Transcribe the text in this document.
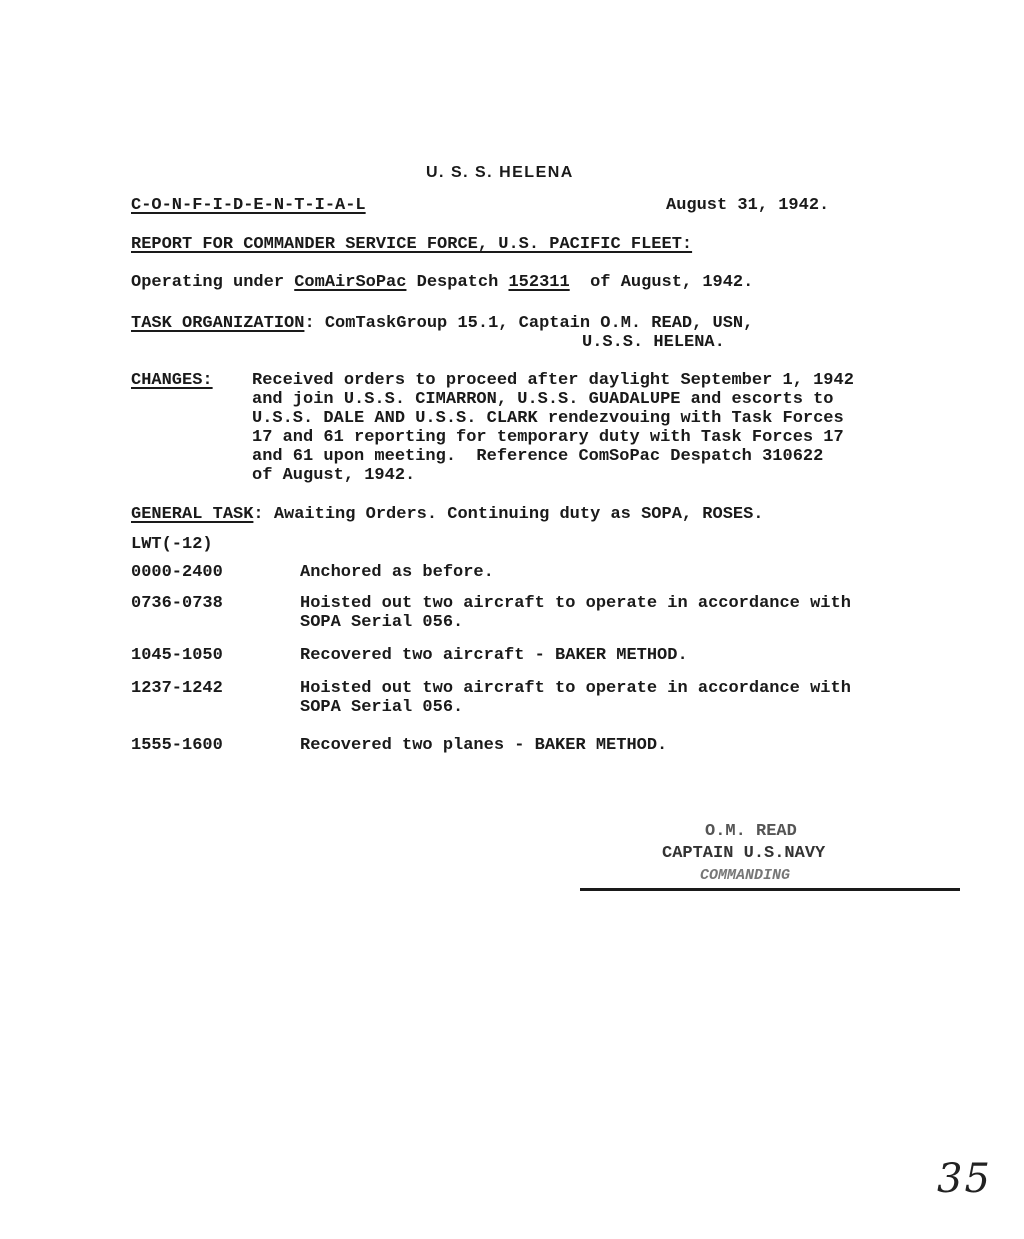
U. S. S. HELENA
C-O-N-F-I-D-E-N-T-I-A-L	August 31, 1942.
REPORT FOR COMMANDER SERVICE FORCE, U.S. PACIFIC FLEET:
Operating under ComAirSoPac Despatch 152311 of August, 1942.
TASK ORGANIZATION: ComTaskGroup 15.1, Captain O.M. READ, USN,
U.S.S. HELENA.
CHANGES: Received orders to proceed after daylight September 1, 1942
and join U.S.S. CIMARRON, U.S.S. GUADALUPE and escorts to
U.S.S. DALE AND U.S.S. CLARK rendezvouing with Task Forces
17 and 61 reporting for temporary duty with Task Forces 17
and 61 upon meeting.  Reference ComSoPac Despatch 310622
of August, 1942.
GENERAL TASK: Awaiting Orders. Continuing duty as SOPA, ROSES.
LWT(-12)
0000-2400	Anchored as before.
0736-0738	Hoisted out two aircraft to operate in accordance with
SOPA Serial 056.
1045-1050	Recovered two aircraft - BAKER METHOD.
1237-1242	Hoisted out two aircraft to operate in accordance with
SOPA Serial 056.
1555-1600	Recovered two planes - BAKER METHOD.
O.M. READ
CAPTAIN U.S.NAVY
COMMANDING
35
